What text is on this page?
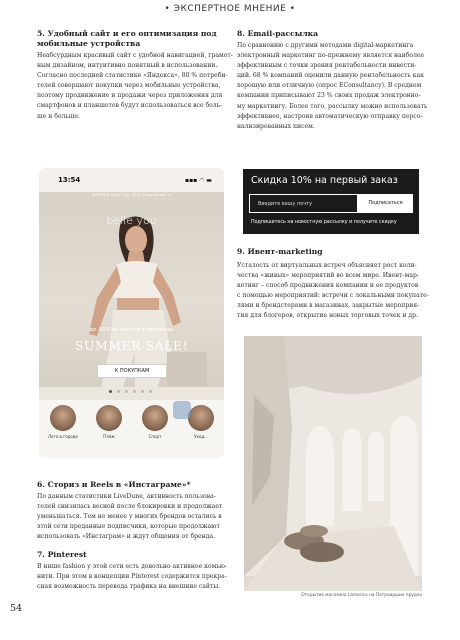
• ЭКСПЕРТНОЕ МНЕНИЕ •
5. Удобный сайт и его оптимизация под мобильные устройства
Неабсурдным красивый сайт с удобной навигацией, грамот-
ным дизайном, интуитивно понятный в использовании.
Согласно последней статистике «Яндекса», 80 % потреби-
телей совершают покупки через мобильные устройства,
поэтому продвижение и продажи через приложения для
смартфонов и планшетов будут использоваться все боль-
ше и больше.
8. Email-рассылка
По сравнению с другими методами digital-маркетинга
электронный маркетинг по-прежнему является наиболее
эффективным с точки зрения рентабельности инвести-
ций. 68 % компаний оценили данную рентабельность как
хорошую или отличную (опрос EConsultancy). В среднем
компании приписывают 23 % своих продаж электронно-
му маркетингу. Более того, рассылку можно использовать
эффективнее, настроив автоматическую отправку персо-
нализированных писем.
13:54	▪▪▪ ◠ ▬
SUMMER SALE: до -50% Подробнее >
belle you
до -50% на сайте и в магазинах
SUMMER SALE!
К ПОКУПКАМ
Лето в городе	Пляж	Спорт	Уход...
Скидка 10% на первый заказ
Введите вашу почту	Подписаться
Подпишитесь на новостную рассылку и получите скидку
9. Ивент-marketing
Усталость от виртуальных встреч объясняет рост коли-
чества «живых» мероприятий во всем мире. Ивент-мар-
кетинг – способ продвижения компании и ее продуктов
с помощью мероприятий: встречи с локальными покупате-
лями и брендстерами в магазинах, закрытые мероприя-
тия для блогеров, открытие новых торговых точек и др.
Открытие магазина Lamarico на Патриарших прудах
6. Сториз и Reels в «Инстаграме»*
По данным статистики LiveDune, активность пользова-
телей снизилась весной после блокировки и продолжает
уменьшаться. Тем не менее у многих брендов остались в
этой сети преданные подписчики, которые продолжают
использовать «Инстаграм» и ждут общения от бренда.
7. Pinterest
В нише fashion у этой сети есть довольно активное комью-
нити. При этом в концепции Pinterest содержится прекра-
сная возможность перевода трафика на внешние сайты.
54
